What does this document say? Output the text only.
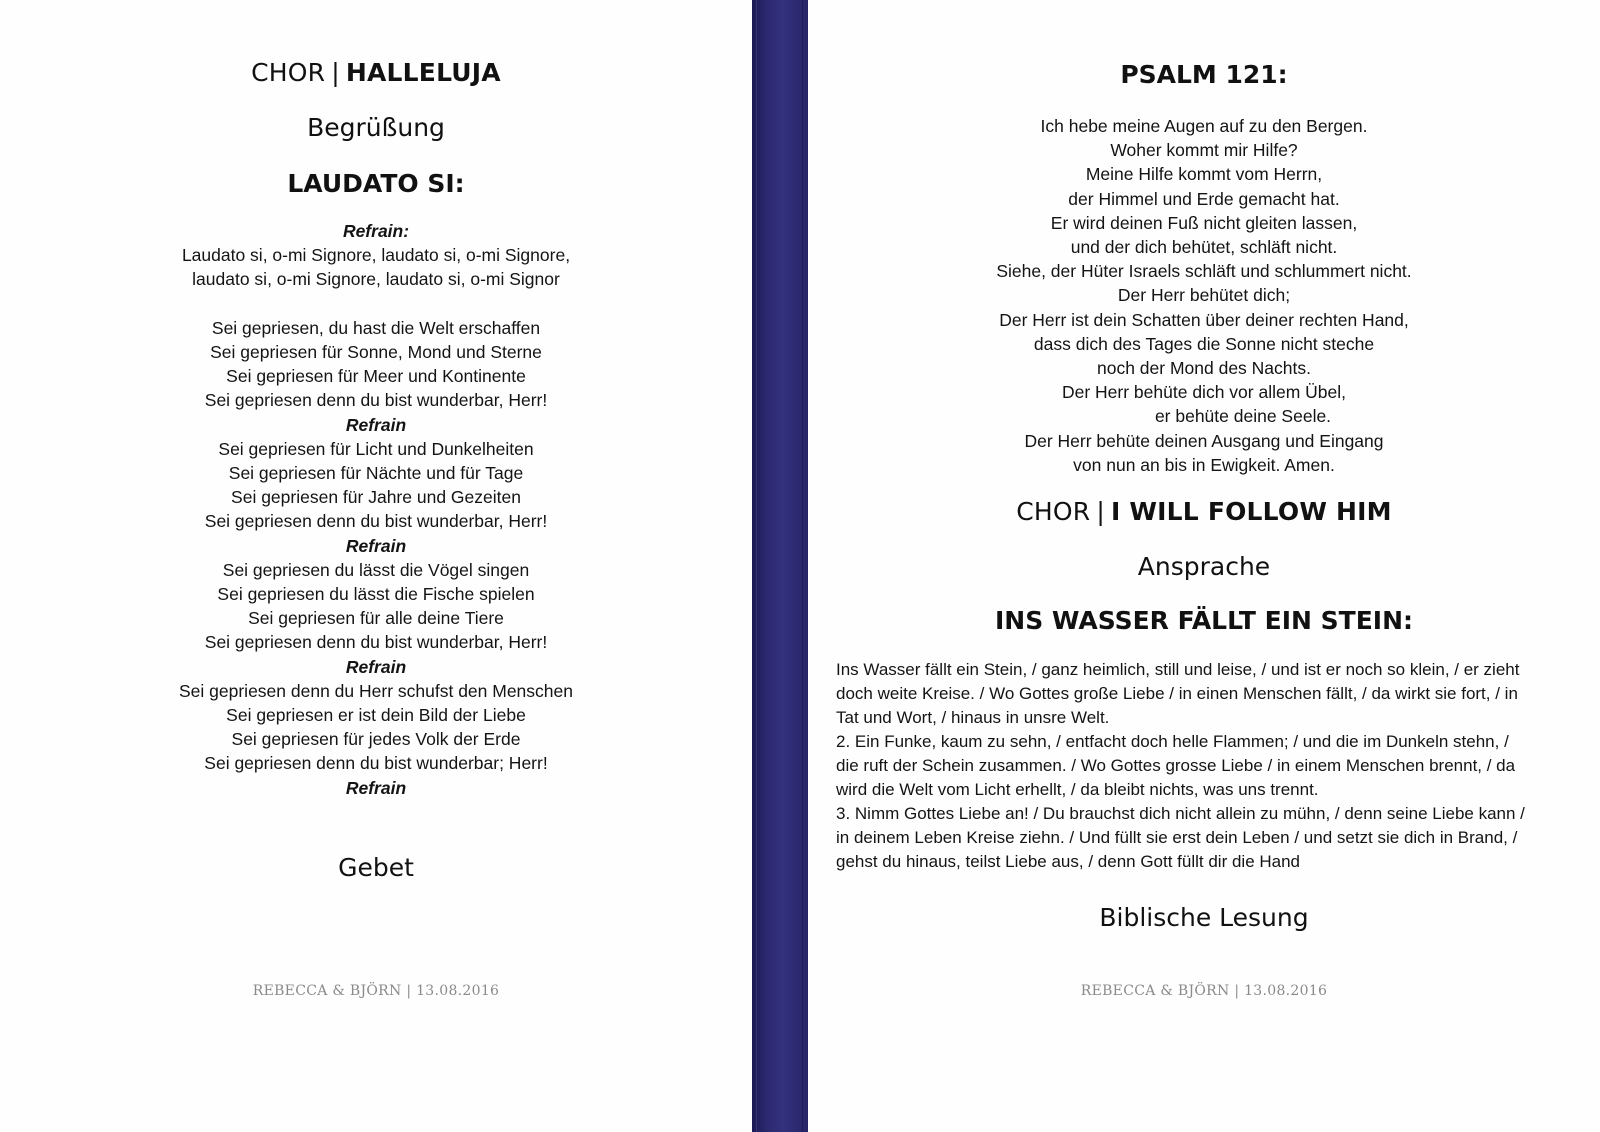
CHOR | HALLELUJA
Begrüßung
LAUDATO SI:
Refrain:
Laudato si, o-mi Signore, laudato si, o-mi Signore,
laudato si, o-mi Signore, laudato si, o-mi Signor

Sei gepriesen, du hast die Welt erschaffen
Sei gepriesen für Sonne, Mond und Sterne
Sei gepriesen für Meer und Kontinente
Sei gepriesen denn du bist wunderbar, Herr!
Refrain
Sei gepriesen für Licht und Dunkelheiten
Sei gepriesen für Nächte und für Tage
Sei gepriesen für Jahre und Gezeiten
Sei gepriesen denn du bist wunderbar, Herr!
Refrain
Sei gepriesen du lässt die Vögel singen
Sei gepriesen du lässt die Fische spielen
Sei gepriesen für alle deine Tiere
Sei gepriesen denn du bist wunderbar, Herr!
Refrain
Sei gepriesen denn du Herr schufst den Menschen
Sei gepriesen er ist dein Bild der Liebe
Sei gepriesen für jedes Volk der Erde
Sei gepriesen denn du bist wunderbar; Herr!
Refrain
Gebet
REBECCA & BJÖRN | 13.08.2016
PSALM 121:
Ich hebe meine Augen auf zu den Bergen.
Woher kommt mir Hilfe?
Meine Hilfe kommt vom Herrn,
der Himmel und Erde gemacht hat.
Er wird deinen Fuß nicht gleiten lassen,
und der dich behütet, schläft nicht.
Siehe, der Hüter Israels schläft und schlummert nicht.
Der Herr behütet dich;
Der Herr ist dein Schatten über deiner rechten Hand,
dass dich des Tages die Sonne nicht steche
noch der Mond des Nachts.
Der Herr behüte dich vor allem Übel,
er behüte deine Seele.
Der Herr behüte deinen Ausgang und Eingang
von nun an bis in Ewigkeit. Amen.
CHOR | I WILL FOLLOW HIM
Ansprache
INS WASSER FÄLLT EIN STEIN:
Biblische Lesung
REBECCA & BJÖRN | 13.08.2016
Ins Wasser fällt ein Stein, / ganz heimlich, still und leise, / und ist er noch so klein, / er zieht
doch weite Kreise. / Wo Gottes große Liebe / in einen Menschen fällt, / da wirkt sie fort, / in
Tat und Wort, / hinaus in unsre Welt.
2. Ein Funke, kaum zu sehn, / entfacht doch helle Flammen; / und die im Dunkeln stehn, /
die ruft der Schein zusammen. / Wo Gottes grosse Liebe / in einem Menschen brennt, / da
wird die Welt vom Licht erhellt, / da bleibt nichts, was uns trennt.
3. Nimm Gottes Liebe an! / Du brauchst dich nicht allein zu mühn, / denn seine Liebe kann /
in deinem Leben Kreise ziehn. / Und füllt sie erst dein Leben / und setzt sie dich in Brand, /
gehst du hinaus, teilst Liebe aus, / denn Gott füllt dir die Hand
